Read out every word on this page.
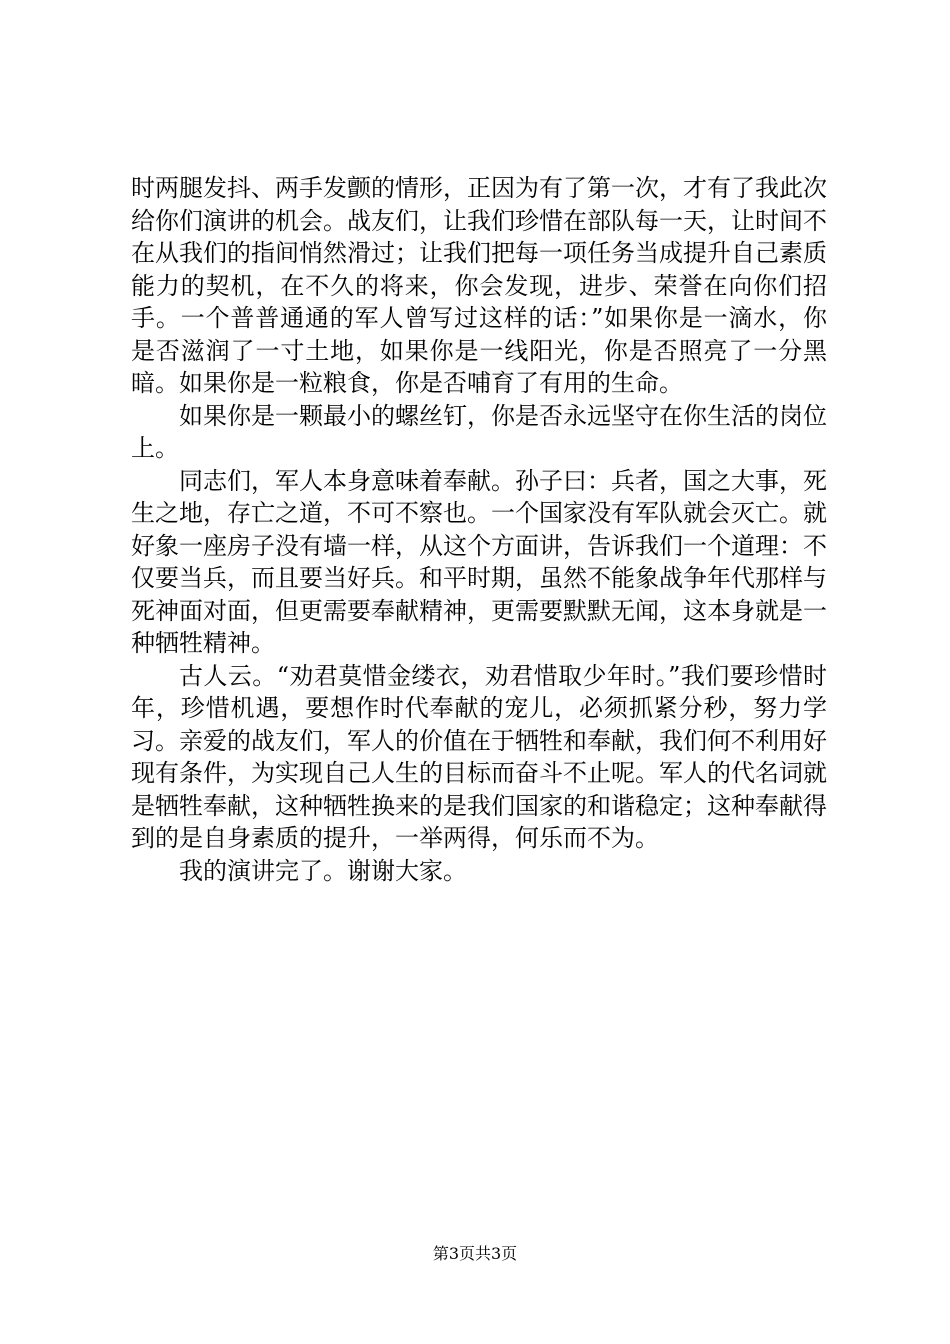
时两腿发抖、两手发颤的情形，正因为有了第一次，才有了我此次给你们演讲的机会。战友们，让我们珍惜在部队每一天，让时间不在从我们的指间悄然滑过；让我们把每一项任务当成提升自己素质能力的契机，在不久的将来，你会发现，进步、荣誉在向你们招手。一个普普通通的军人曾写过这样的话：”如果你是一滴水，你是否滋润了一寸土地，如果你是一线阳光，你是否照亮了一分黑暗。如果你是一粒粮食，你是否哺育了有用的生命。

如果你是一颗最小的螺丝钉，你是否永远坚守在你生活的岗位上。

同志们，军人本身意味着奉献。孙子曰：兵者，国之大事，死生之地，存亡之道，不可不察也。一个国家没有军队就会灭亡。就好象一座房子没有墙一样，从这个方面讲，告诉我们一个道理：不仅要当兵，而且要当好兵。和平时期，虽然不能象战争年代那样与死神面对面，但更需要奉献精神，更需要默默无闻，这本身就是一种牺牲精神。

古人云。“劝君莫惜金缕衣，劝君惜取少年时。”我们要珍惜时年，珍惜机遇，要想作时代奉献的宠儿，必须抓紧分秒，努力学习。亲爱的战友们，军人的价值在于牺牲和奉献，我们何不利用好现有条件，为实现自己人生的目标而奋斗不止呢。军人的代名词就是牺牲奉献，这种牺牲换来的是我们国家的和谐稳定；这种奉献得到的是自身素质的提升，一举两得，何乐而不为。

我的演讲完了。谢谢大家。

第3页共3页
